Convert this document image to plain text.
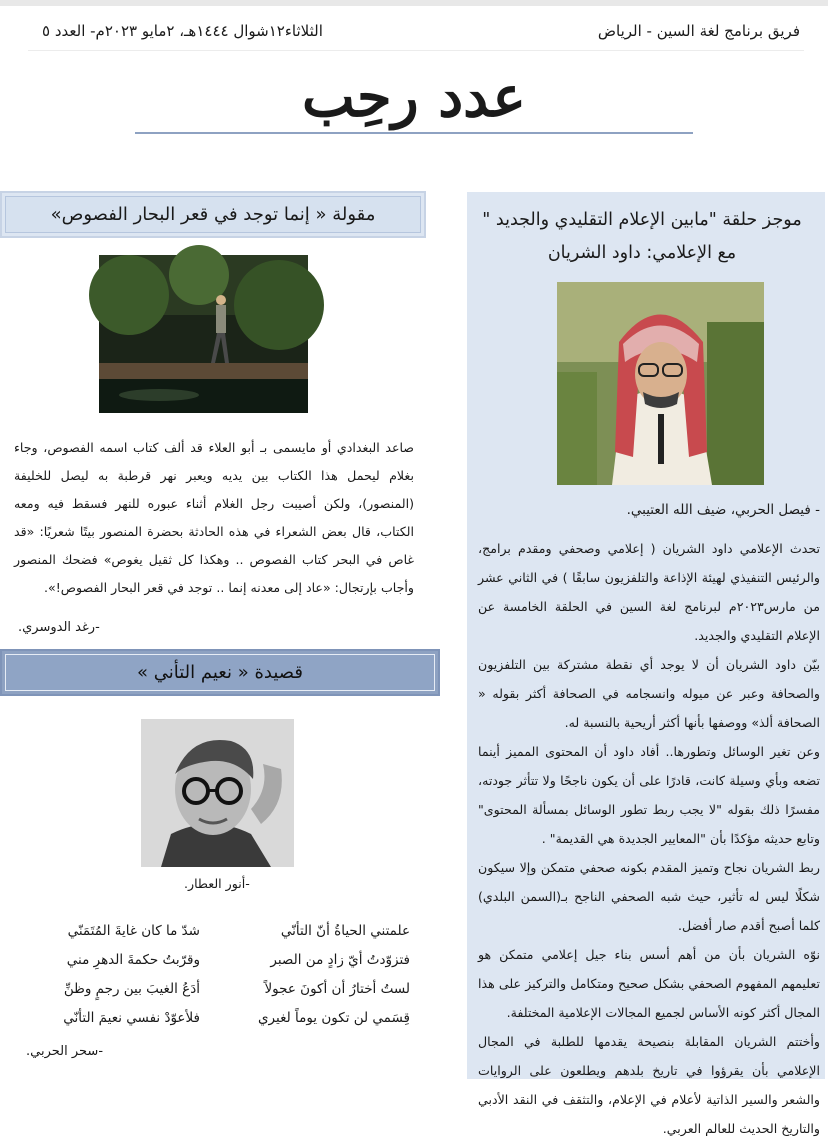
فريق برنامج لغة السين - الرياض
الثلاثاء١٢شوال ١٤٤٤هـ، ٢مايو ٢٠٢٣م- العدد ٥
عدد رحِب
موجز حلقة "مابين الإعلام التقليدي والجديد "
مع الإعلامي: داود الشريان
- فيصل الحربي، ضيف الله العتيبي.

تحدث الإعلامي داود الشريان ( إعلامي وصحفي ومقدم برامج، والرئيس التنفيذي لهيئة الإذاعة والتلفزيون سابقًا ) في الثاني عشر من مارس٢٠٢٣م لبرنامج لغة السين في الحلقة الخامسة عن الإعلام التقليدي والجديد.

بيّن داود الشريان أن لا يوجد أي نقطة مشتركة بين التلفزيون والصحافة وعبر عن ميوله وانسجامه في الصحافة أكثر بقوله « الصحافة ألذ» ووصفها بأنها أكثر أريحية بالنسبة له.

وعن تغير الوسائل وتطورها.. أفاد داود أن المحتوى المميز أينما تضعه وبأي وسيلة كانت، قادرًا على أن يكون ناجحًا ولا تتأثر جودته، مفسرًا ذلك بقوله "لا يجب ربط تطور الوسائل بمسألة المحتوى" وتابع حديثه مؤكدًا بأن "المعايير الجديدة هي القديمة" .

ربط الشريان نجاح وتميز المقدم بكونه صحفي متمكن وإلا سيكون شكلًا ليس له تأثير، حيث شبه الصحفي الناجح بـ(السمن البلدي) كلما أصبح أقدم صار أفضل.

نوّه الشريان بأن من أهم أسس بناء جيل إعلامي متمكن هو تعليمهم المفهوم الصحفي بشكل صحيح ومتكامل والتركيز على هذا المجال أكثر كونه الأساس لجميع المجالات الإعلامية المختلفة.

وأختتم الشريان المقابلة بنصيحة يقدمها للطلبة في المجال الإعلامي بأن يقرؤوا في تاريخ بلدهم ويطلعون على الروايات والشعر والسير الذاتية لأعلام في الإعلام، والتثقف في النقد الأدبي والتاريخ الحديث للعالم العربي.

مقولة « إنما توجد في قعر البحار الفصوص»
صاعد البغدادي أو مايسمى بـ أبو العلاء قد ألف كتاب اسمه الفصوص، وجاء بغلام ليحمل هذا الكتاب بين يديه ويعبر نهر قرطبة به ليصل للخليفة (المنصور)، ولكن أصيبت رجل الغلام أثناء عبوره للنهر فسقط فيه ومعه الكتاب، قال بعض الشعراء في هذه الحادثة بحضرة المنصور بيتًا شعريًا: «قد غاص في البحر كتاب الفصوص .. وهكذا كل ثقيل يغوص» فضحك المنصور وأجاب بإرتجال: «عاد إلى معدنه إنما .. توجد في قعر البحار الفصوص!».
-رغد الدوسري.
قصيدة « نعيم التأني »
-أنور العطار.
علمتني الحياةُ أنّ التأنّي
شدّ ما كان غايةَ المُتَمَنّي
فتزوّدتُ أيّ زادٍ من الصبر
وقرّبتُ حكمةَ الدهرِ مني
لستُ أختارُ أن أكونَ عجولاً
أدَعُ الغيبَ بين رجمٍ وظنِّ
قِسَمي لن تكون يوماً لغيري
فلأعوّدْ نفسي نعيمَ التأنّي
-سحر الحربي.
